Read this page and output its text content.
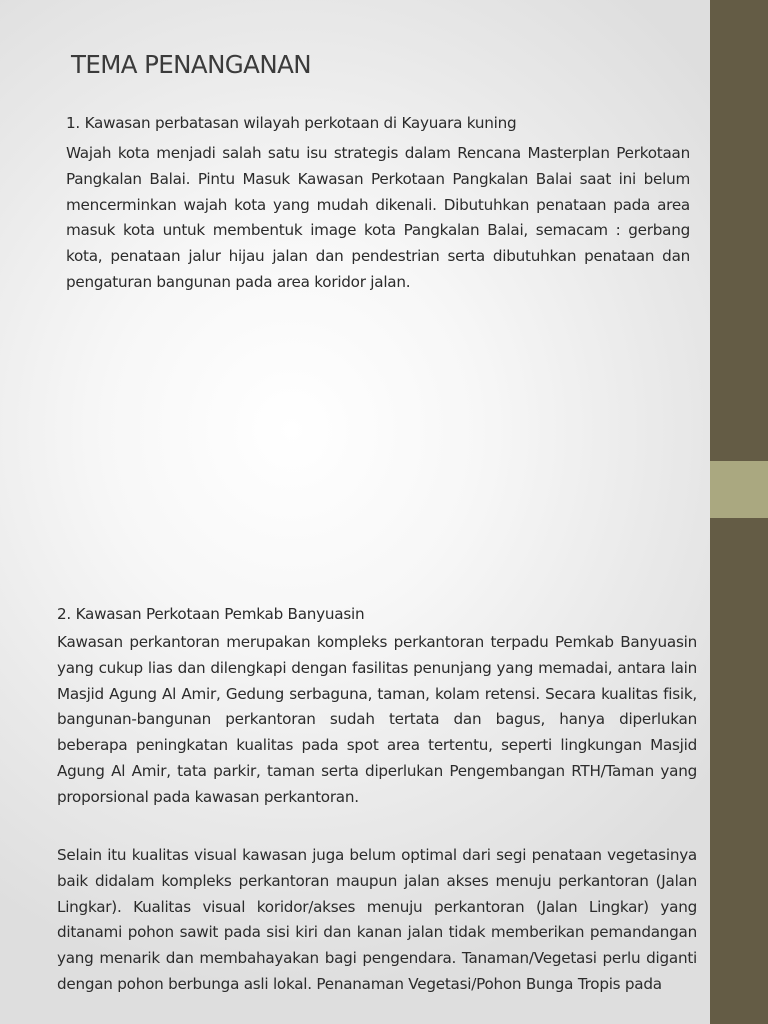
TEMA PENANGANAN
1. Kawasan perbatasan wilayah perkotaan di Kayuara kuning

Wajah kota menjadi salah satu isu strategis dalam Rencana Masterplan Perkotaan Pangkalan Balai. Pintu Masuk Kawasan Perkotaan Pangkalan Balai saat ini belum mencerminkan wajah kota yang mudah dikenali. Dibutuhkan penataan pada area masuk kota untuk membentuk image kota Pangkalan Balai, semacam : gerbang kota, penataan jalur hijau jalan dan pendestrian serta dibutuhkan penataan dan pengaturan bangunan pada area koridor jalan.

2. Kawasan Perkotaan Pemkab Banyuasin

Kawasan perkantoran merupakan kompleks perkantoran terpadu Pemkab Banyuasin yang cukup lias dan dilengkapi dengan fasilitas penunjang yang memadai, antara lain Masjid Agung Al Amir, Gedung serbaguna, taman, kolam retensi. Secara kualitas fisik, bangunan-bangunan perkantoran sudah tertata dan bagus, hanya diperlukan beberapa peningkatan kualitas pada spot area tertentu, seperti lingkungan Masjid Agung Al Amir, tata parkir, taman serta diperlukan Pengembangan RTH/Taman yang proporsional pada kawasan perkantoran.

Selain itu kualitas visual kawasan juga belum optimal dari segi penataan vegetasinya baik didalam kompleks perkantoran maupun jalan akses menuju perkantoran (Jalan Lingkar). Kualitas visual koridor/akses menuju perkantoran (Jalan Lingkar) yang ditanami pohon sawit pada sisi kiri dan kanan jalan tidak memberikan pemandangan yang menarik dan membahayakan bagi pengendara. Tanaman/Vegetasi perlu diganti dengan pohon berbunga asli lokal. Penanaman Vegetasi/Pohon Bunga Tropis pada
